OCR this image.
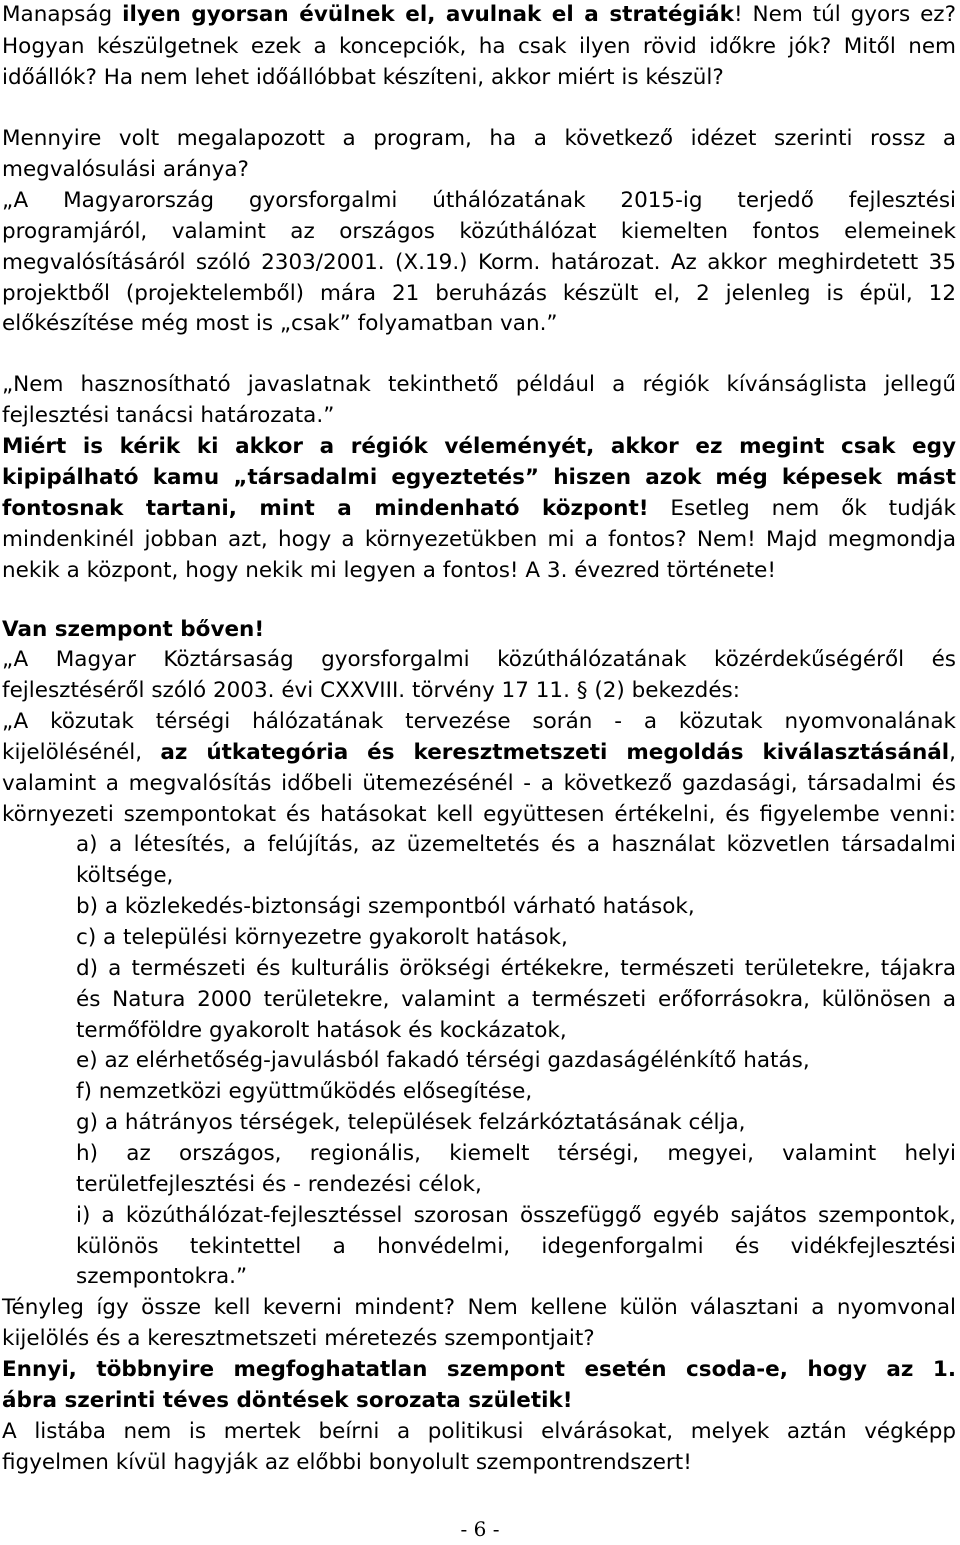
Manapság ilyen gyorsan évülnek el, avulnak el a stratégiák! Nem túl gyors ez?
Hogyan készülgetnek ezek a koncepciók, ha csak ilyen rövid időkre jók? Mitől nem
időállók? Ha nem lehet időállóbbat készíteni, akkor miért is készül?
Mennyire volt megalapozott a program, ha a következő idézet szerinti rossz a
megvalósulási aránya?
„A Magyarország gyorsforgalmi úthálózatának 2015-ig terjedő fejlesztési
programjáról, valamint az országos közúthálózat kiemelten fontos elemeinek
megvalósításáról szóló 2303/2001. (X.19.) Korm. határozat. Az akkor meghirdetett 35
projektből (projektelemből) mára 21 beruházás készült el, 2 jelenleg is épül, 12
előkészítése még most is „csak” folyamatban van.”
„Nem hasznosítható javaslatnak tekinthető például a régiók kívánságlista jellegű
fejlesztési tanácsi határozata.”
Miért is kérik ki akkor a régiók véleményét, akkor ez megint csak egy
kipipálható kamu „társadalmi egyeztetés” hiszen azok még képesek mást
fontosnak tartani, mint a mindenható központ! Esetleg nem ők tudják
mindenkinél jobban azt, hogy a környezetükben mi a fontos? Nem! Majd megmondja
nekik a központ, hogy nekik mi legyen a fontos! A 3. évezred története!
Van szempont bőven!
„A Magyar Köztársaság gyorsforgalmi közúthálózatának közérdekűségéről és
fejlesztéséről szóló 2003. évi CXXVIII. törvény 17 11. § (2) bekezdés:
„A közutak térségi hálózatának tervezése során - a közutak nyomvonalának
kijelölésénél, az útkategória és keresztmetszeti megoldás kiválasztásánál,
valamint a megvalósítás időbeli ütemezésénél - a következő gazdasági, társadalmi és
környezeti szempontokat és hatásokat kell együttesen értékelni, és figyelembe venni:
a) a létesítés, a felújítás, az üzemeltetés és a használat közvetlen társadalmi
költsége,
b) a közlekedés-biztonsági szempontból várható hatások,
c) a települési környezetre gyakorolt hatások,
d) a természeti és kulturális örökségi értékekre, természeti területekre, tájakra
és Natura 2000 területekre, valamint a természeti erőforrásokra, különösen a
termőföldre gyakorolt hatások és kockázatok,
e) az elérhetőség-javulásból fakadó térségi gazdaságélénkítő hatás,
f) nemzetközi együttműködés elősegítése,
g) a hátrányos térségek, települések felzárkóztatásának célja,
h) az országos, regionális, kiemelt térségi, megyei, valamint helyi
területfejlesztési és - rendezési célok,
i) a közúthálózat-fejlesztéssel szorosan összefüggő egyéb sajátos szempontok,
különös tekintettel a honvédelmi, idegenforgalmi és vidékfejlesztési
szempontokra.”
Tényleg így össze kell keverni mindent? Nem kellene külön választani a nyomvonal
kijelölés és a keresztmetszeti méretezés szempontjait?
Ennyi, többnyire megfoghatatlan szempont esetén csoda-e, hogy az 1.
ábra szerinti téves döntések sorozata születik!
A listába nem is mertek beírni a politikusi elvárásokat, melyek aztán végképp
figyelmen kívül hagyják az előbbi bonyolult szempontrendszert!
- 6 -
